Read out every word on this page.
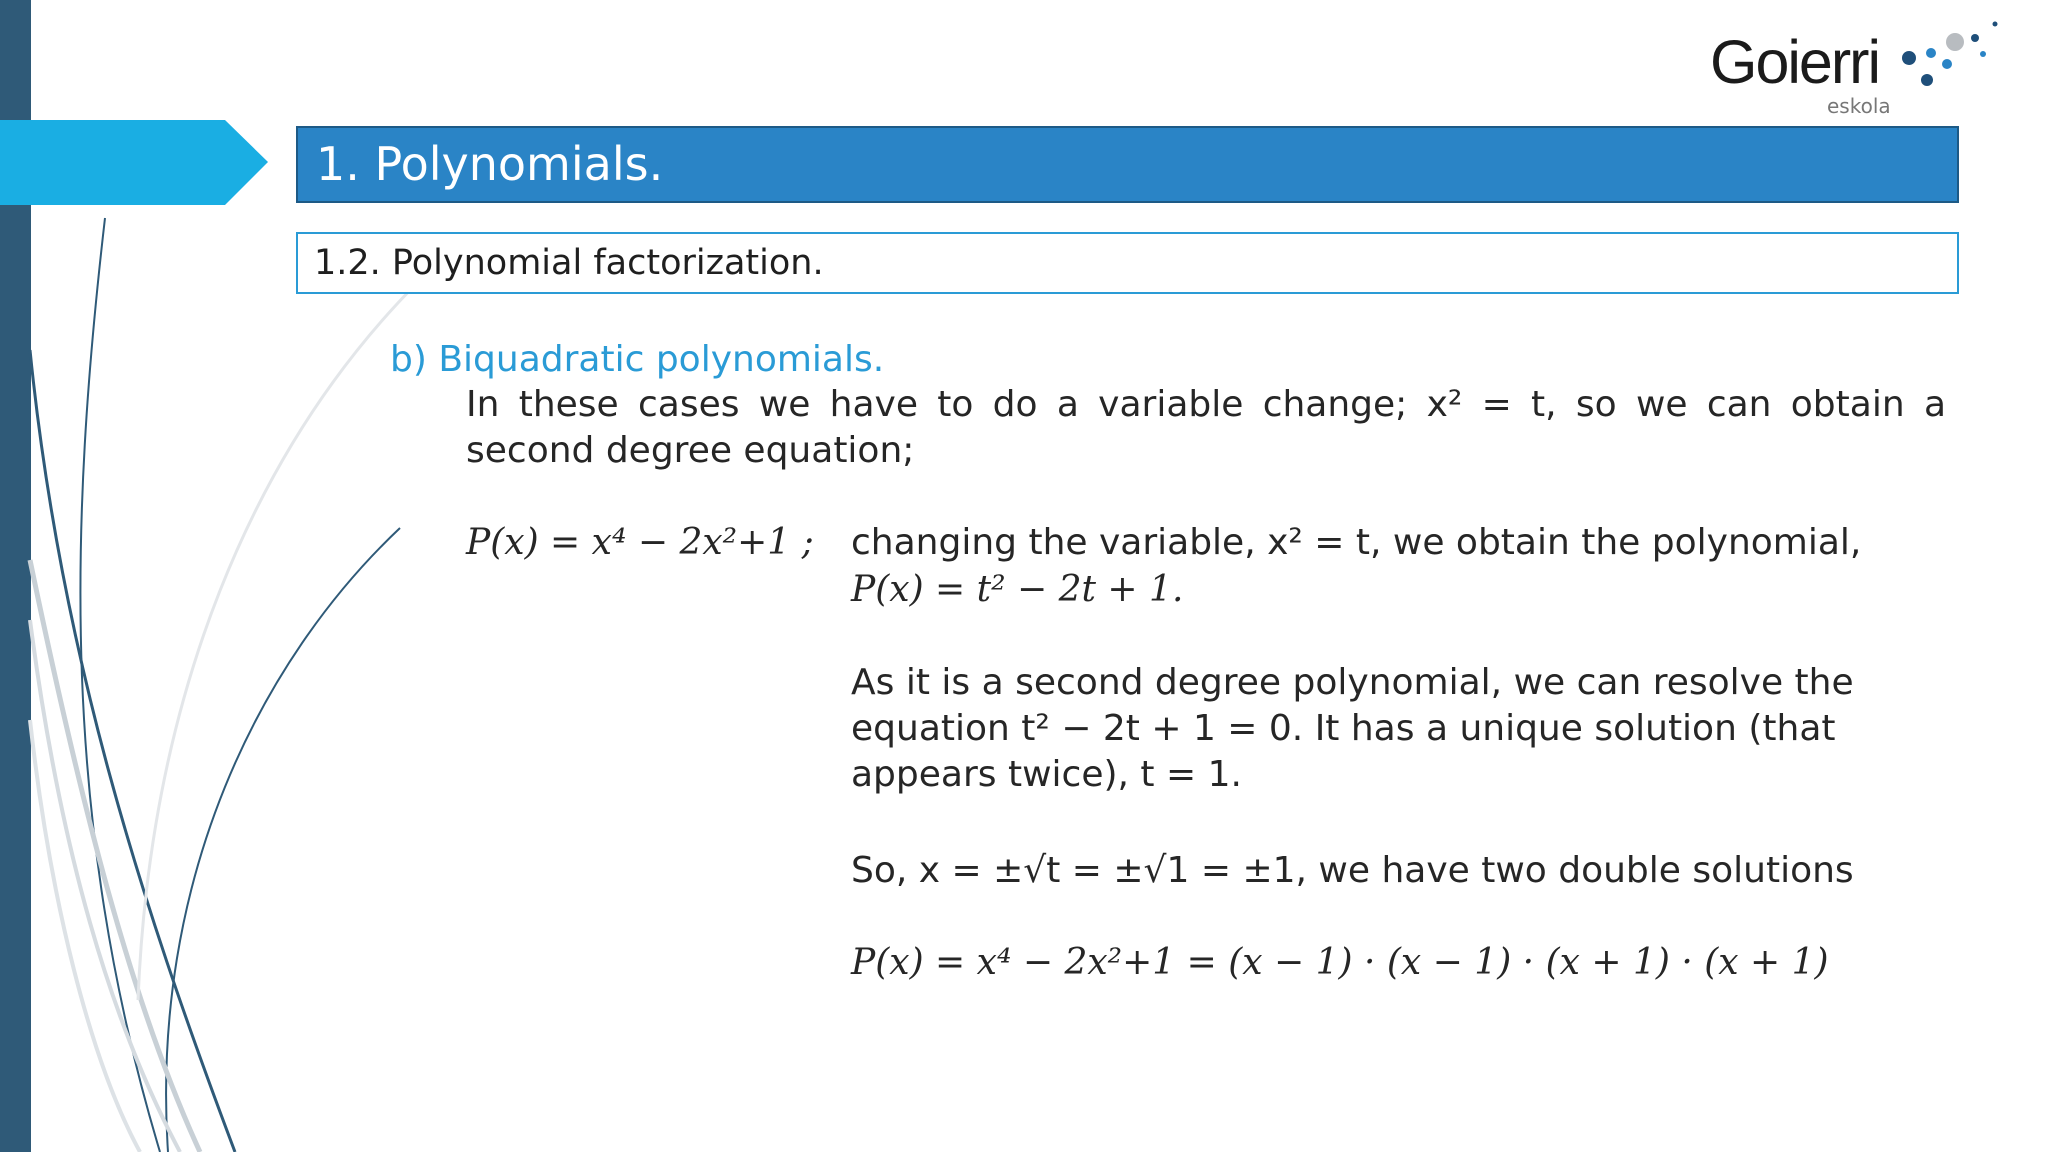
Goierri
eskola
1. Polynomials.
1.2. Polynomial factorization.
b) Biquadratic polynomials.
In these cases we have to do a variable change; x² = t, so we can obtain a second degree equation;
P(x) = x⁴ − 2x²+1 ; changing the variable, x² = t, we obtain the polynomial,
P(x) = t² − 2t + 1.
As it is a second degree polynomial, we can resolve the equation t² − 2t + 1 = 0. It has a unique solution (that appears twice), t = 1.
So, x = ±√t = ±√1 = ±1, we have two double solutions
P(x) = x⁴ − 2x²+1 = (x − 1) · (x − 1) · (x + 1) · (x + 1)
